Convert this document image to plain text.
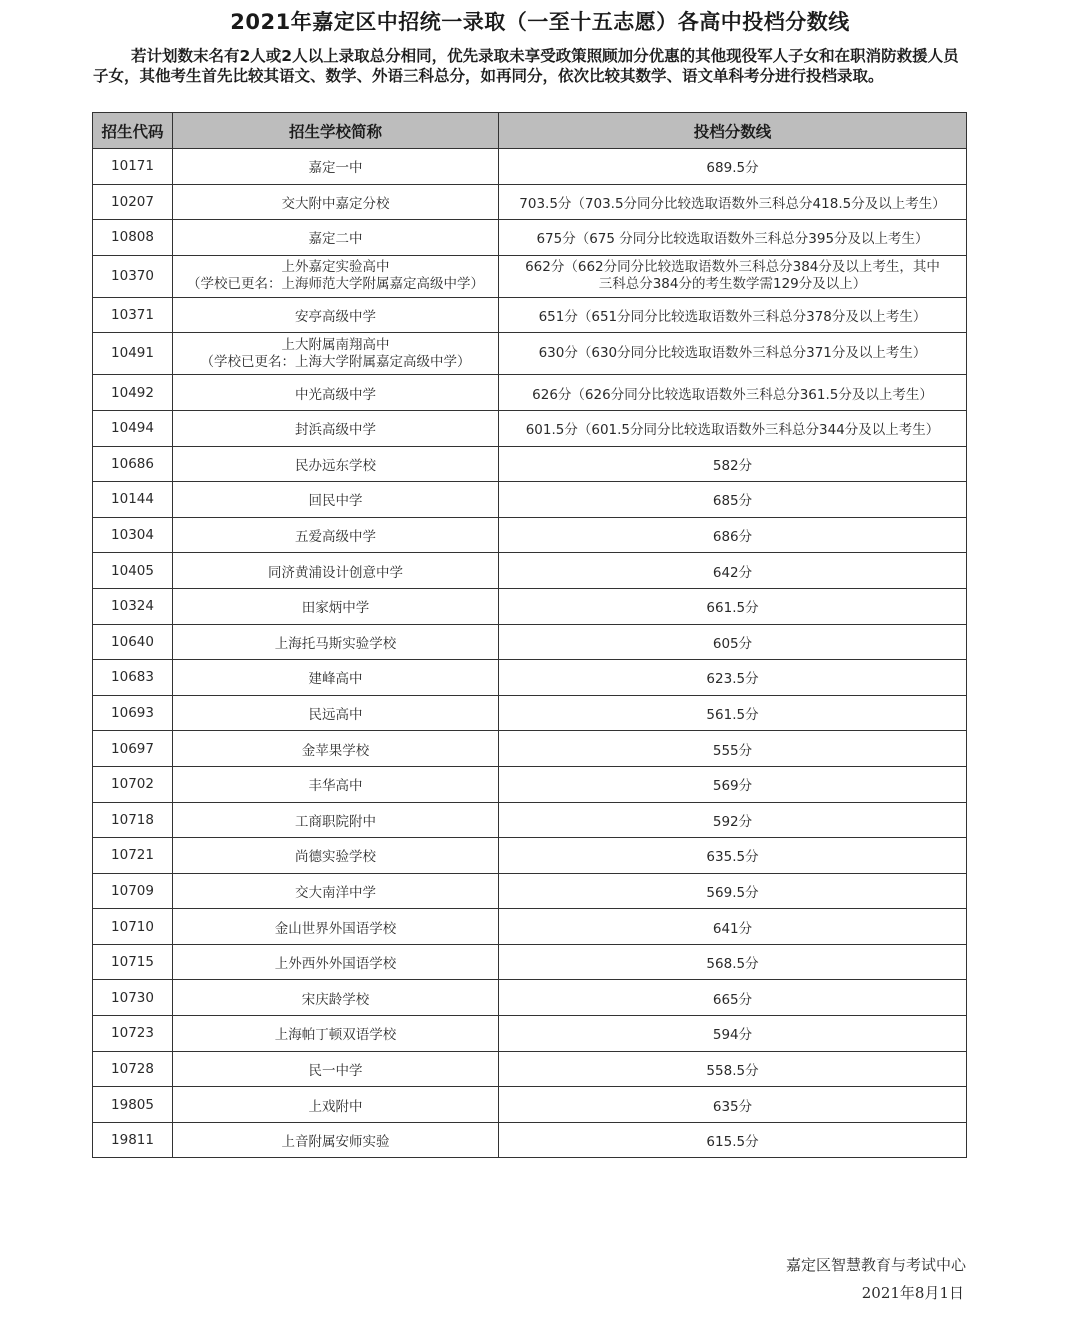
2021年嘉定区中招统一录取（一至十五志愿）各高中投档分数线
若计划数末名有2人或2人以上录取总分相同，优先录取未享受政策照顾加分优惠的其他现役军人子女和在职消防救援人员子女，其他考生首先比较其语文、数学、外语三科总分，如再同分，依次比较其数学、语文单科考分进行投档录取。
招生代码	招生学校简称	投档分数线
10171	嘉定一中	689.5分

10207	交大附中嘉定分校	703.5分（703.5分同分比较选取语数外三科总分418.5分及以上考生）

10808	嘉定二中	675分（675 分同分比较选取语数外三科总分395分及以上考生）

10370	上外嘉定实验高中
（学校已更名：上海师范大学附属嘉定高级中学）	662分（662分同分比较选取语数外三科总分384分及以上考生，其中
三科总分384分的考生数学需129分及以上）

10371	安亭高级中学	651分（651分同分比较选取语数外三科总分378分及以上考生）

10491	上大附属南翔高中
（学校已更名：上海大学附属嘉定高级中学）	630分（630分同分比较选取语数外三科总分371分及以上考生）

10492	中光高级中学	626分（626分同分比较选取语数外三科总分361.5分及以上考生）

10494	封浜高级中学	601.5分（601.5分同分比较选取语数外三科总分344分及以上考生）

10686	民办远东学校	582分

10144	回民中学	685分

10304	五爱高级中学	686分

10405	同济黄浦设计创意中学	642分

10324	田家炳中学	661.5分

10640	上海托马斯实验学校	605分

10683	建峰高中	623.5分

10693	民远高中	561.5分

10697	金苹果学校	555分

10702	丰华高中	569分

10718	工商职院附中	592分

10721	尚德实验学校	635.5分

10709	交大南洋中学	569.5分

10710	金山世界外国语学校	641分

10715	上外西外外国语学校	568.5分

10730	宋庆龄学校	665分

10723	上海帕丁顿双语学校	594分

10728	民一中学	558.5分

19805	上戏附中	635分

19811	上音附属安师实验	615.5分
嘉定区智慧教育与考试中心
2021年8月1日
